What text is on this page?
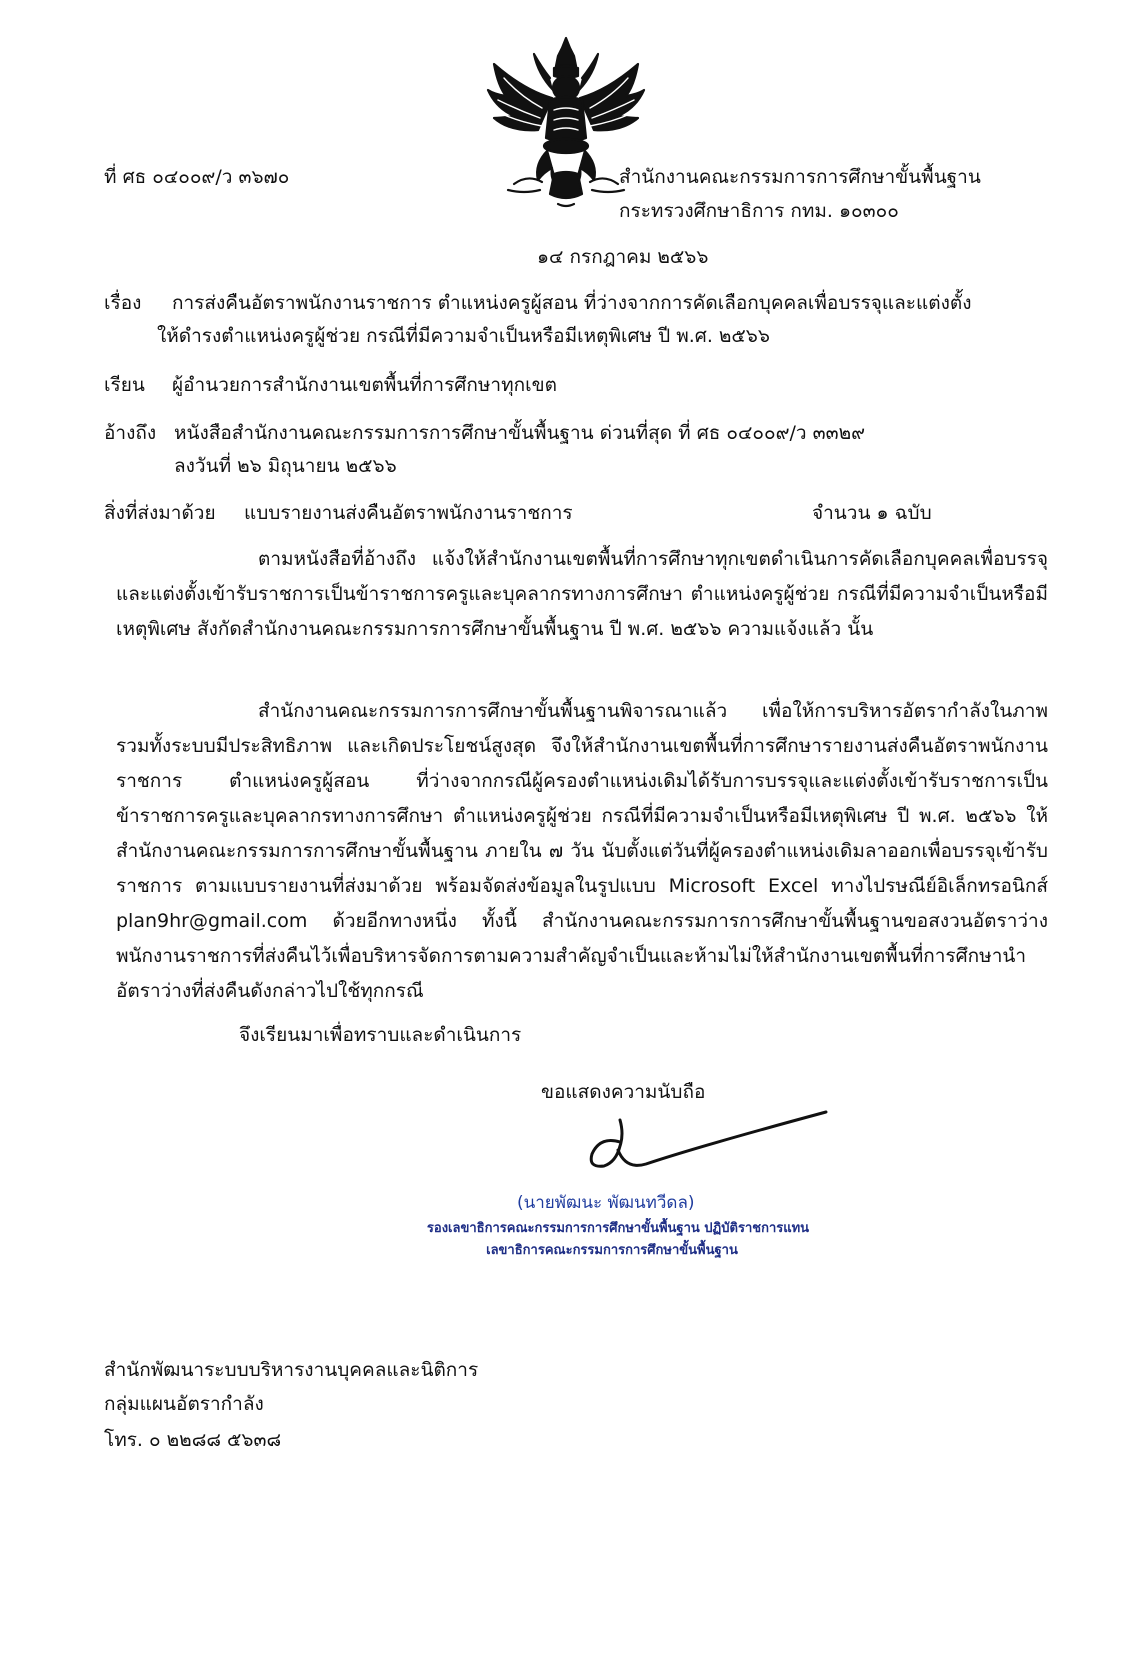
ที่ ศธ ๐๔๐๐๙/ว ๓๖๗๐	สำนักงานคณะกรรมการการศึกษาขั้นพื้นฐาน
กระทรวงศึกษาธิการ กทม. ๑๐๓๐๐
๑๔ กรกฎาคม ๒๕๖๖
เรื่อง การส่งคืนอัตราพนักงานราชการ ตำแหน่งครูผู้สอน ที่ว่างจากการคัดเลือกบุคคลเพื่อบรรจุและแต่งตั้ง
ให้ดำรงตำแหน่งครูผู้ช่วย กรณีที่มีความจำเป็นหรือมีเหตุพิเศษ ปี พ.ศ. ๒๕๖๖
เรียน ผู้อำนวยการสำนักงานเขตพื้นที่การศึกษาทุกเขต
อ้างถึง หนังสือสำนักงานคณะกรรมการการศึกษาขั้นพื้นฐาน ด่วนที่สุด ที่ ศธ ๐๔๐๐๙/ว ๓๓๒๙
ลงวันที่ ๒๖ มิถุนายน ๒๕๖๖
สิ่งที่ส่งมาด้วย แบบรายงานส่งคืนอัตราพนักงานราชการ	จำนวน ๑ ฉบับ
ตามหนังสือที่อ้างถึง แจ้งให้สำนักงานเขตพื้นที่การศึกษาทุกเขตดำเนินการคัดเลือกบุคคลเพื่อบรรจุและแต่งตั้งเข้ารับราชการเป็นข้าราชการครูและบุคลากรทางการศึกษา ตำแหน่งครูผู้ช่วย กรณีที่มีความจำเป็นหรือมีเหตุพิเศษ สังกัดสำนักงานคณะกรรมการการศึกษาขั้นพื้นฐาน ปี พ.ศ. ๒๕๖๖ ความแจ้งแล้ว นั้น
สำนักงานคณะกรรมการการศึกษาขั้นพื้นฐานพิจารณาแล้ว เพื่อให้การบริหารอัตรากำลังในภาพรวมทั้งระบบมีประสิทธิภาพ และเกิดประโยชน์สูงสุด จึงให้สำนักงานเขตพื้นที่การศึกษารายงานส่งคืนอัตราพนักงานราชการ ตำแหน่งครูผู้สอน ที่ว่างจากกรณีผู้ครองตำแหน่งเดิมได้รับการบรรจุและแต่งตั้งเข้ารับราชการเป็นข้าราชการครูและบุคลากรทางการศึกษา ตำแหน่งครูผู้ช่วย กรณีที่มีความจำเป็นหรือมีเหตุพิเศษ ปี พ.ศ. ๒๕๖๖ ให้สำนักงานคณะกรรมการการศึกษาขั้นพื้นฐาน ภายใน ๗ วัน นับตั้งแต่วันที่ผู้ครองตำแหน่งเดิมลาออกเพื่อบรรจุเข้ารับราชการ ตามแบบรายงานที่ส่งมาด้วย พร้อมจัดส่งข้อมูลในรูปแบบ Microsoft Excel ทางไปรษณีย์อิเล็กทรอนิกส์ plan9hr@gmail.com ด้วยอีกทางหนึ่ง ทั้งนี้ สำนักงานคณะกรรมการการศึกษาขั้นพื้นฐานขอสงวนอัตราว่างพนักงานราชการที่ส่งคืนไว้เพื่อบริหารจัดการตามความสำคัญจำเป็นและห้ามไม่ให้สำนักงานเขตพื้นที่การศึกษานำอัตราว่างที่ส่งคืนดังกล่าวไปใช้ทุกกรณี
จึงเรียนมาเพื่อทราบและดำเนินการ
ขอแสดงความนับถือ
(นายพัฒนะ พัฒนทวีดล)
รองเลขาธิการคณะกรรมการการศึกษาขั้นพื้นฐาน ปฏิบัติราชการแทน
เลขาธิการคณะกรรมการการศึกษาขั้นพื้นฐาน
สำนักพัฒนาระบบบริหารงานบุคคลและนิติการ
กลุ่มแผนอัตรากำลัง
โทร. ๐ ๒๒๘๘ ๕๖๓๘
